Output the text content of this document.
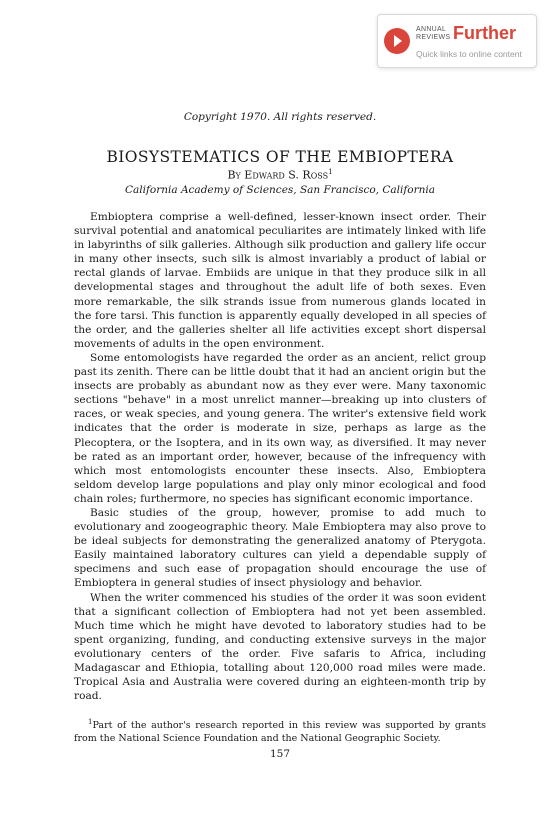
ANNUAL
REVIEWS Further
Quick links to online content
Copyright 1970. All rights reserved.
BIOSYSTEMATICS OF THE EMBIOPTERA
By Edward S. Ross$^1$
California Academy of Sciences, San Francisco, California

Embioptera comprise a well-defined, lesser-known insect order. Their survival potential and anatomical peculiarites are intimately linked with life in labyrinths of silk galleries. Although silk production and gallery life occur in many other insects, such silk is almost invariably a product of labial or rectal glands of larvae. Embiids are unique in that they produce silk in all developmental stages and throughout the adult life of both sexes. Even more remarkable, the silk strands issue from numerous glands located in the fore tarsi. This function is apparently equally developed in all species of the order, and the galleries shelter all life activities except short dispersal movements of adults in the open environment.

Some entomologists have regarded the order as an ancient, relict group past its zenith. There can be little doubt that it had an ancient origin but the insects are probably as abundant now as they ever were. Many taxonomic sections "behave" in a most unrelict manner—breaking up into clusters of races, or weak species, and young genera. The writer's extensive field work indicates that the order is moderate in size, perhaps as large as the Plecoptera, or the Isoptera, and in its own way, as diversified. It may never be rated as an important order, however, because of the infrequency with which most entomologists encounter these insects. Also, Embioptera seldom develop large populations and play only minor ecological and food chain roles; furthermore, no species has significant economic importance.

Basic studies of the group, however, promise to add much to evolutionary and zoogeographic theory. Male Embioptera may also prove to be ideal subjects for demonstrating the generalized anatomy of Pterygota. Easily maintained laboratory cultures can yield a dependable supply of specimens and such ease of propagation should encourage the use of Embioptera in general studies of insect physiology and behavior.

When the writer commenced his studies of the order it was soon evident that a significant collection of Embioptera had not yet been assembled. Much time which he might have devoted to laboratory studies had to be spent organizing, funding, and conducting extensive surveys in the major evolutionary centers of the order. Five safaris to Africa, including Madagascar and Ethiopia, totalling about 120,000 road miles were made. Tropical Asia and Australia were covered during an eighteen-month trip by road.

$^1$Part of the author's research reported in this review was supported by grants from the National Science Foundation and the National Geographic Society.
157
